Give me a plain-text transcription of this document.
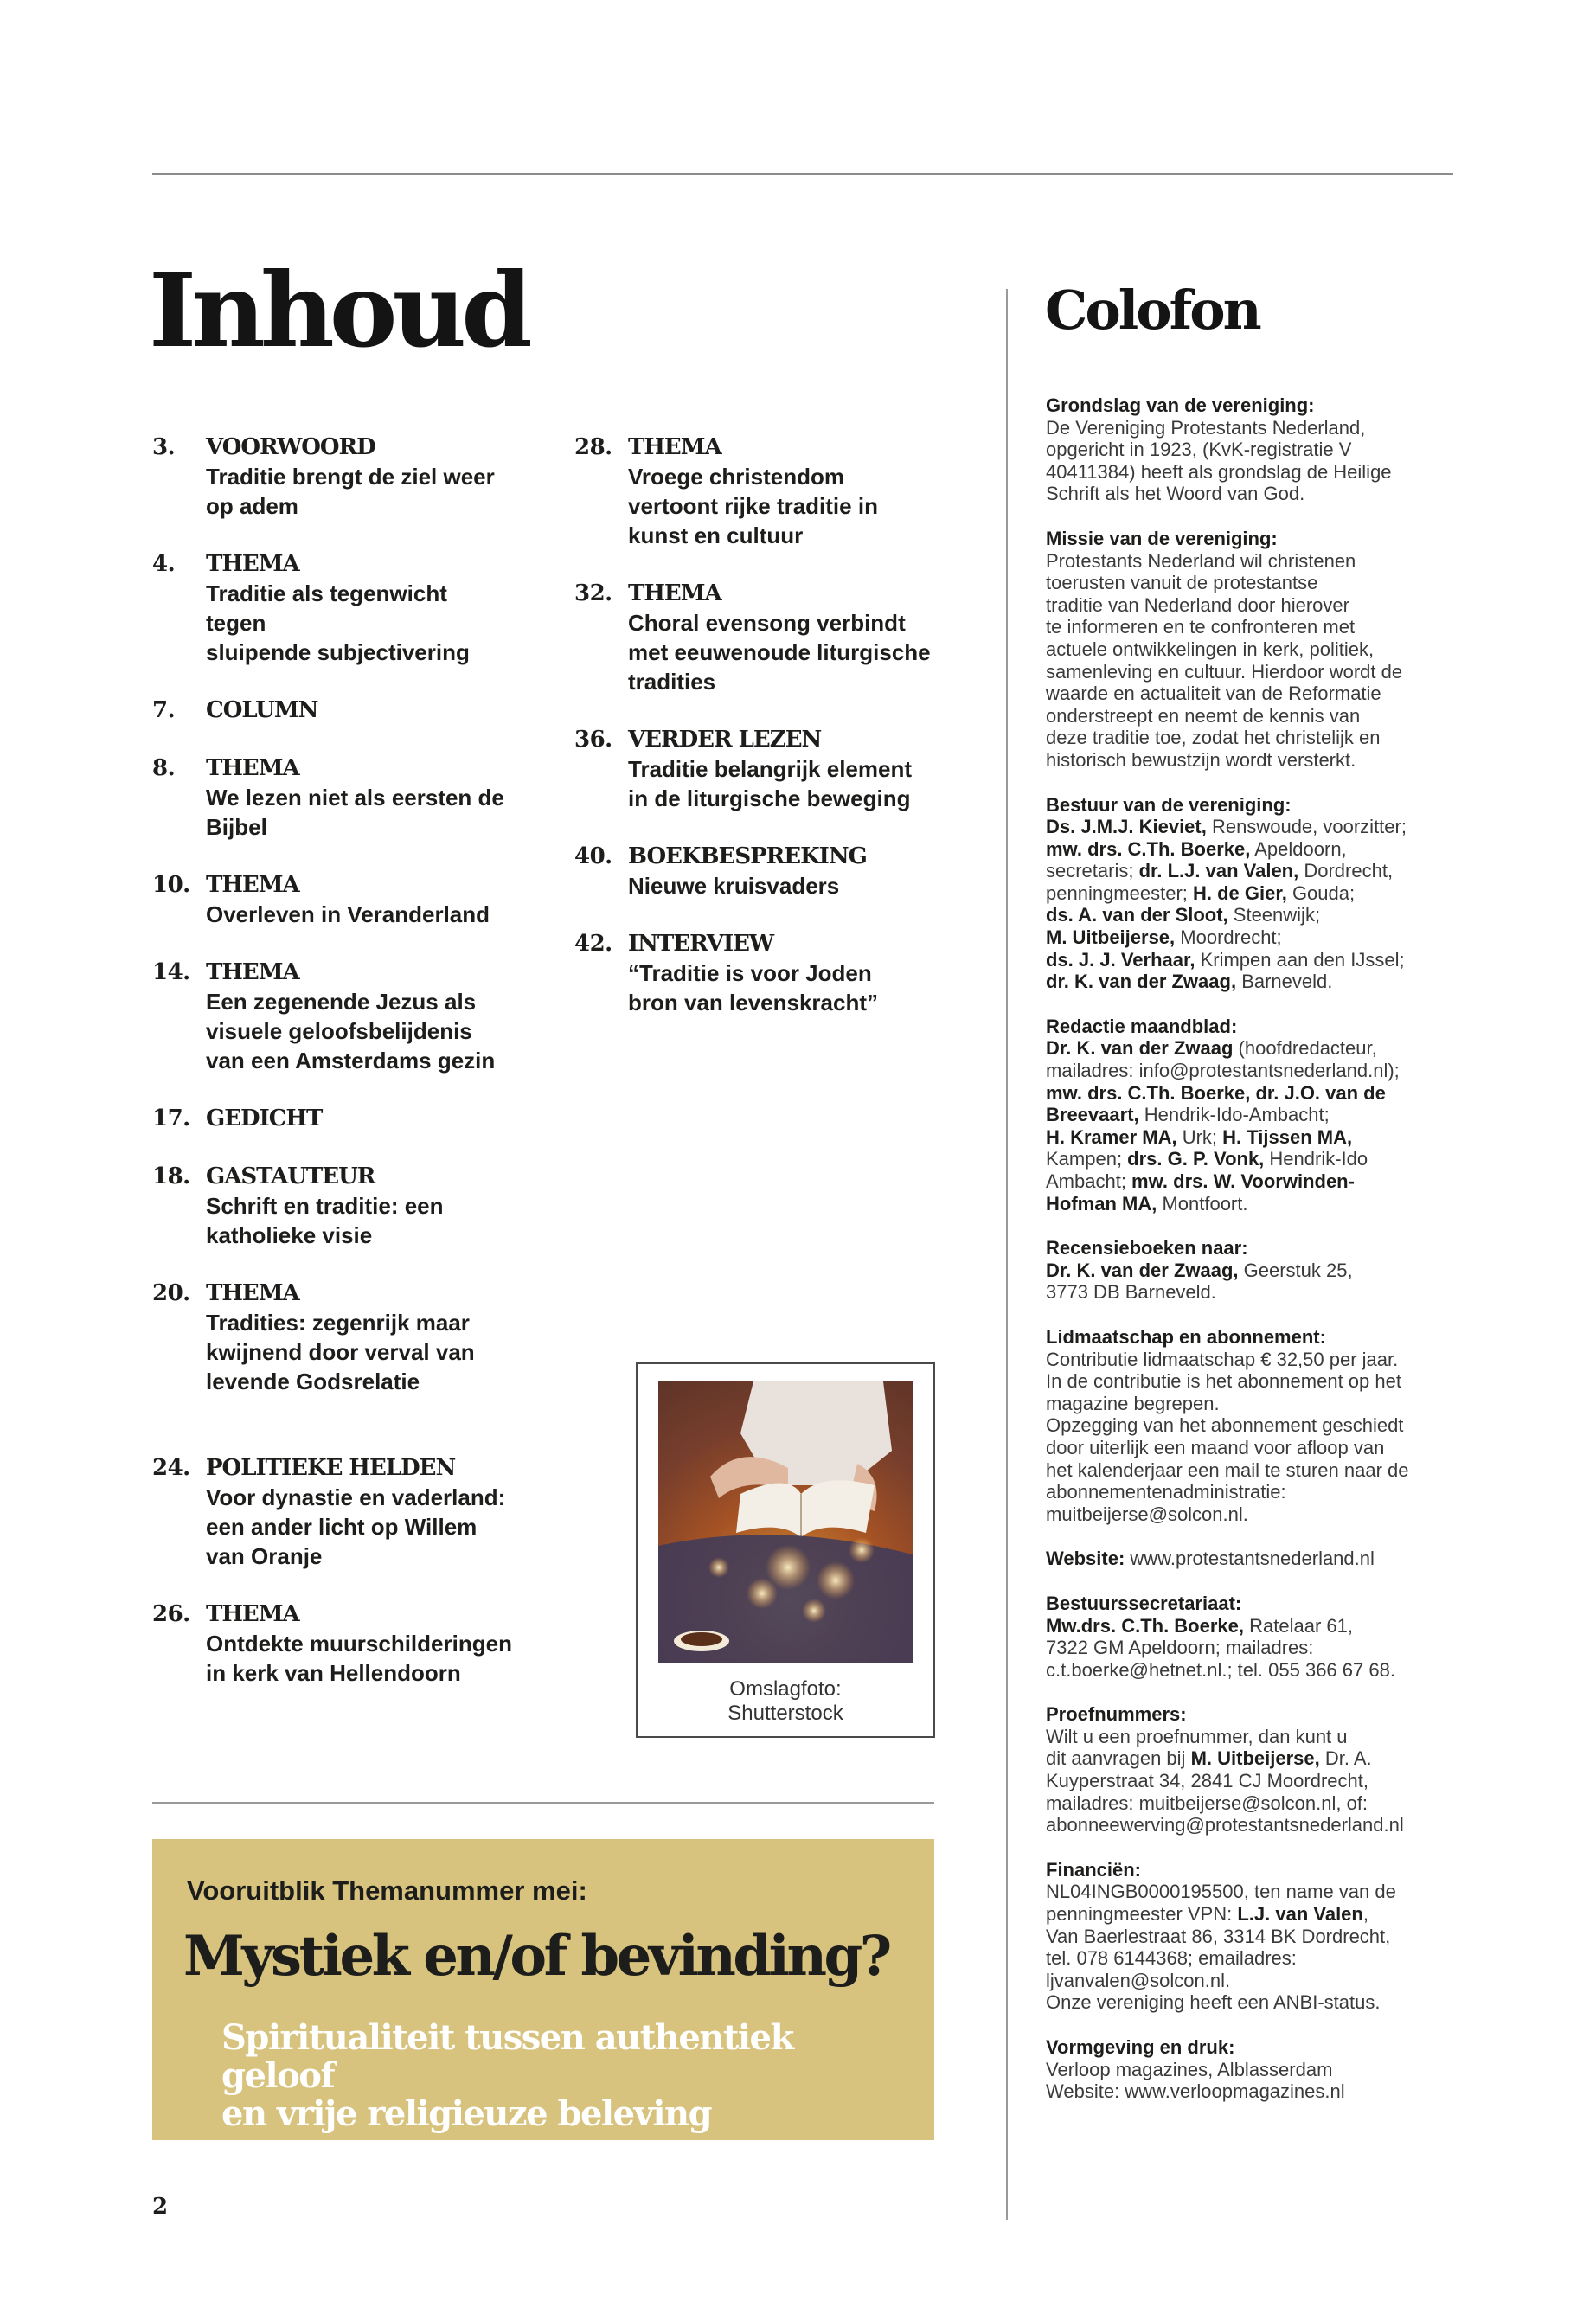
Inhoud
3. VOORWOORD
Traditie brengt de ziel weer
op adem
4. THEMA
Traditie als tegenwicht
tegen
sluipende subjectivering
7. COLUMN
8. THEMA
We lezen niet als eersten de
Bijbel
10. THEMA
Overleven in Veranderland
14. THEMA
Een zegenende Jezus als
visuele geloofsbelijdenis
van een Amsterdams gezin
17. GEDICHT
18. GASTAUTEUR
Schrift en traditie: een
katholieke visie
20. THEMA
Tradities: zegenrijk maar
kwijnend door verval van
levende Godsrelatie
24. POLITIEKE HELDEN
Voor dynastie en vaderland:
een ander licht op Willem
van Oranje
26. THEMA
Ontdekte muurschilderingen
in kerk van Hellendoorn
28. THEMA
Vroege christendom
vertoont rijke traditie in
kunst en cultuur
32. THEMA
Choral evensong verbindt
met eeuwenoude liturgische
tradities
36. VERDER LEZEN
Traditie belangrijk element
in de liturgische beweging
40. BOEKBESPREKING
Nieuwe kruisvaders
42. INTERVIEW
“Traditie is voor Joden
bron van levenskracht”
Omslagfoto:
Shutterstock
Vooruitblik Themanummer mei:
Mystiek en/of bevinding?
Spiritualiteit tussen authentiek geloof
en vrije religieuze beleving
2
Colofon

Grondslag van de vereniging:
De Vereniging Protestants Nederland,
opgericht in 1923, (KvK-registratie V
40411384) heeft als grondslag de Heilige
Schrift als het Woord van God.

Missie van de vereniging:
Protestants Nederland wil christenen
toerusten vanuit de protestantse
traditie van Nederland door hierover
te informeren en te confronteren met
actuele ontwikkelingen in kerk, politiek,
samenleving en cultuur. Hierdoor wordt de
waarde en actualiteit van de Reformatie
onderstreept en neemt de kennis van
deze traditie toe, zodat het christelijk en
historisch bewustzijn wordt versterkt.

Bestuur van de vereniging:
Ds. J.M.J. Kieviet, Renswoude, voorzitter;
mw. drs. C.Th. Boerke, Apeldoorn,
secretaris; dr. L.J. van Valen, Dordrecht,
penningmeester; H. de Gier, Gouda;
ds. A. van der Sloot, Steenwijk;
M. Uitbeijerse, Moordrecht;
ds. J. J. Verhaar, Krimpen aan den IJssel;
dr. K. van der Zwaag, Barneveld.

Redactie maandblad:
Dr. K. van der Zwaag (hoofdredacteur,
mailadres: info@protestantsnederland.nl);
mw. drs. C.Th. Boerke, dr. J.O. van de
Breevaart, Hendrik-Ido-Ambacht;
H. Kramer MA, Urk; H. Tijssen MA,
Kampen; drs. G. P. Vonk, Hendrik-Ido
Ambacht; mw. drs. W. Voorwinden-
Hofman MA, Montfoort.

Recensieboeken naar:
Dr. K. van der Zwaag, Geerstuk 25,
3773 DB Barneveld.

Lidmaatschap en abonnement:
Contributie lidmaatschap € 32,50 per jaar.
In de contributie is het abonnement op het
magazine begrepen.
Opzegging van het abonnement geschiedt
door uiterlijk een maand voor afloop van
het kalenderjaar een mail te sturen naar de
abonnementenadministratie:
muitbeijerse@solcon.nl.

Website: www.protestantsnederland.nl

Bestuurssecretariaat:
Mw.drs. C.Th. Boerke, Ratelaar 61,
7322 GM Apeldoorn; mailadres:
c.t.boerke@hetnet.nl.; tel. 055 366 67 68.

Proefnummers:
Wilt u een proefnummer, dan kunt u
dit aanvragen bij M. Uitbeijerse, Dr. A.
Kuyperstraat 34, 2841 CJ Moordrecht,
mailadres: muitbeijerse@solcon.nl, of:
abonneewerving@protestantsnederland.nl

Financiën:
NL04INGB0000195500, ten name van de
penningmeester VPN: L.J. van Valen,
Van Baerlestraat 86, 3314 BK Dordrecht,
tel. 078 6144368; emailadres:
ljvanvalen@solcon.nl.
Onze vereniging heeft een ANBI-status.

Vormgeving en druk:
Verloop magazines, Alblasserdam
Website: www.verloopmagazines.nl
